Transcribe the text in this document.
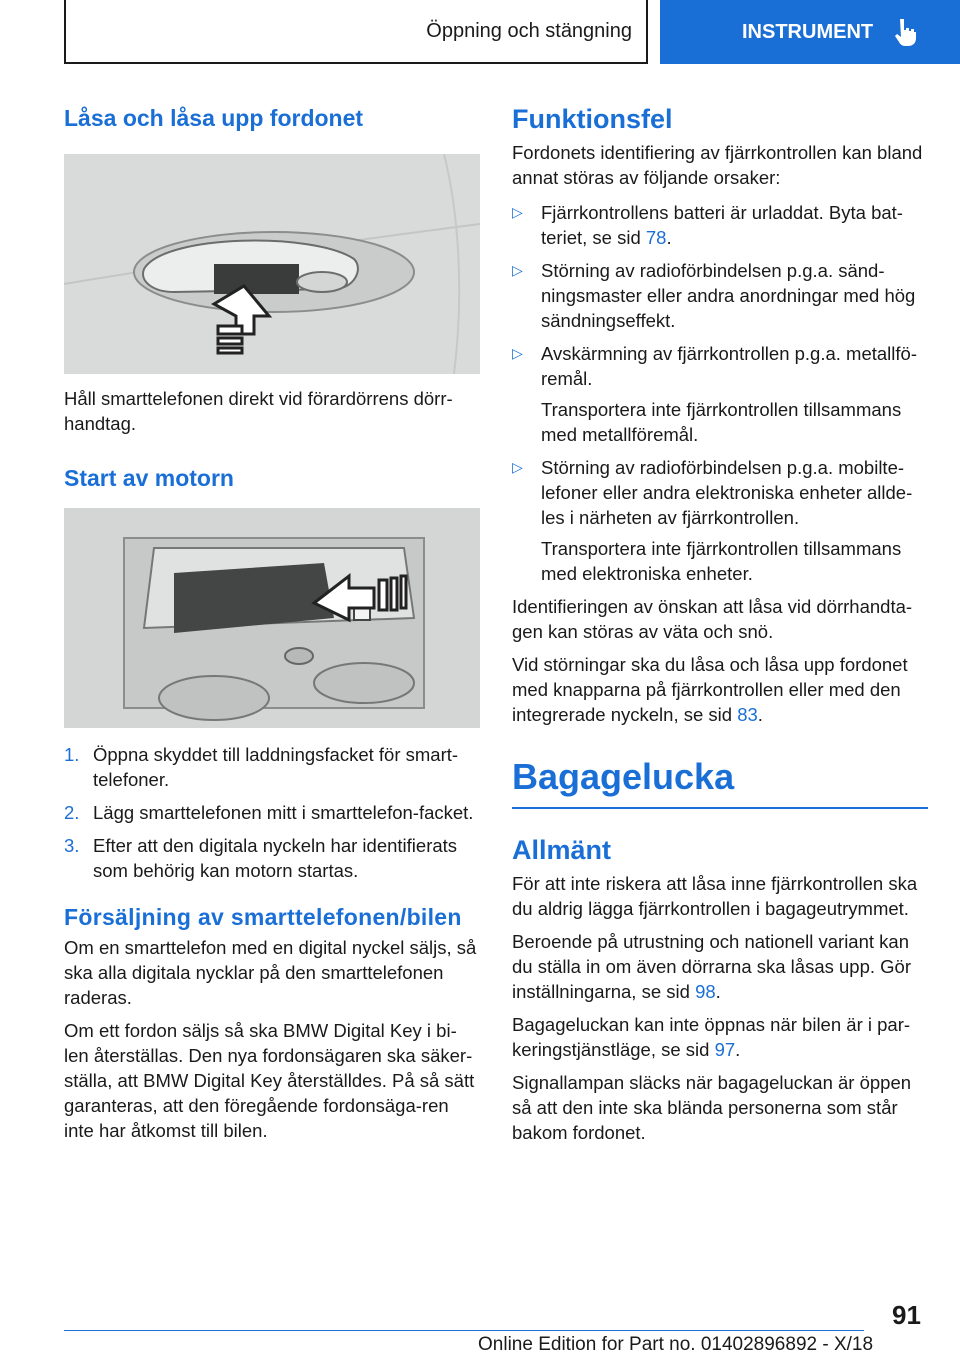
Öppning och stängning	INSTRUMENT
Låsa och låsa upp fordonet

Håll smarttelefonen direkt vid förardörrens dörr-handtag.

Start av motorn
1. Öppna skyddet till laddningsfacket för smart-telefoner.
2. Lägg smarttelefonen mitt i smarttelefon-facket.
3. Efter att den digitala nyckeln har identifierats som behörig kan motorn startas.
Försäljning av smarttelefonen/bilen

Om en smarttelefon med en digital nyckel säljs, så ska alla digitala nycklar på den smarttelefonen raderas.

Om ett fordon säljs så ska BMW Digital Key i bi-len återställas. Den nya fordonsägaren ska säker-ställa, att BMW Digital Key återställdes. På så sätt garanteras, att den föregående fordonsäga-ren inte har åtkomst till bilen.

Funktionsfel

Fordonets identifiering av fjärrkontrollen kan bland annat störas av följande orsaker:

▷ Fjärrkontrollens batteri är urladdat. Byta bat-teriet, se sid 78.

▷ Störning av radioförbindelsen p.g.a. sänd-ningsmaster eller andra anordningar med hög sändningseffekt.

▷ Avskärmning av fjärrkontrollen p.g.a. metallfö-remål.

Transportera inte fjärrkontrollen tillsammans med metallföremål.

▷ Störning av radioförbindelsen p.g.a. mobilte-lefoner eller andra elektroniska enheter allde-les i närheten av fjärrkontrollen.

Transportera inte fjärrkontrollen tillsammans med elektroniska enheter.

Identifieringen av önskan att låsa vid dörrhandta-gen kan störas av väta och snö.

Vid störningar ska du låsa och låsa upp fordonet med knapparna på fjärrkontrollen eller med den integrerade nyckeln, se sid 83.

Bagagelucka
Allmänt

För att inte riskera att låsa inne fjärrkontrollen ska du aldrig lägga fjärrkontrollen i bagageutrymmet.

Beroende på utrustning och nationell variant kan du ställa in om även dörrarna ska låsas upp. Gör inställningarna, se sid 98.

Bagageluckan kan inte öppnas när bilen är i par-keringstjänstläge, se sid 97.

Signallampan släcks när bagageluckan är öppen så att den inte ska blända personerna som står bakom fordonet.

91
Online Edition for Part no. 01402896892 - X/18
